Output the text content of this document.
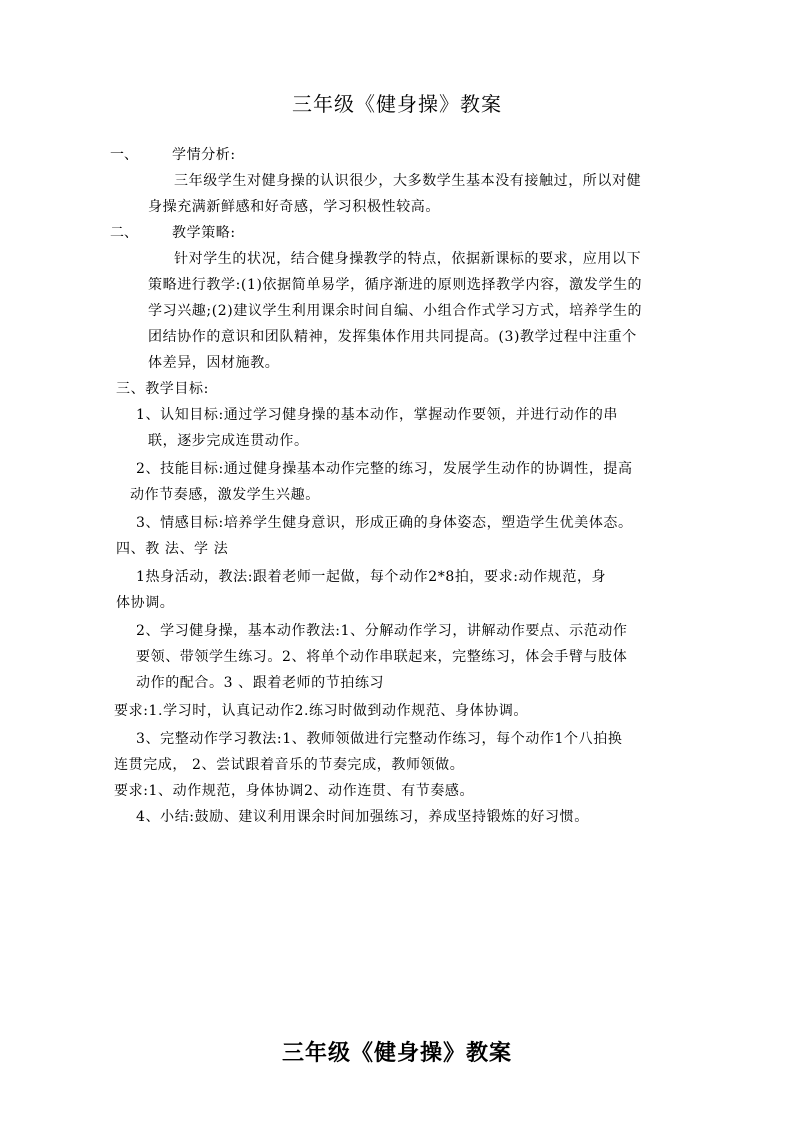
三年级《健身操》教案
一、 学情分析:
三年级学生对健身操的认识很少，大多数学生基本没有接触过，所以对健
身操充满新鲜感和好奇感，学习积极性较高。
二、 教学策略:
针对学生的状况，结合健身操教学的特点，依据新课标的要求，应用以下
策略进行教学:(1)依据简单易学，循序渐进的原则选择教学内容，激发学生的
学习兴趣;(2)建议学生利用课余时间自编、小组合作式学习方式，培养学生的
团结协作的意识和团队精神，发挥集体作用共同提高。(3)教学过程中注重个
体差异，因材施教。
三、教学目标:
1、认知目标:通过学习健身操的基本动作，掌握动作要领，并进行动作的串
联，逐步完成连贯动作。
2、技能目标:通过健身操基本动作完整的练习，发展学生动作的协调性，提高
动作节奏感，激发学生兴趣。
3、情感目标:培养学生健身意识，形成正确的身体姿态，塑造学生优美体态。
四、教 法、学 法
1热身活动，教法:跟着老师一起做，每个动作2*8拍，要求:动作规范，身
体协调。
2、学习健身操，基本动作教法:1、分解动作学习，讲解动作要点、示范动作
要领、带领学生练习。2、将单个动作串联起来，完整练习，体会手臂与肢体
动作的配合。3 、跟着老师的节拍练习
要求:1.学习时，认真记动作2.练习时做到动作规范、身体协调。
3、完整动作学习教法:1、教师领做进行完整动作练习，每个动作1个八拍换
连贯完成， 2、尝试跟着音乐的节奏完成，教师领做。
要求:1、动作规范，身体协调2、动作连贯、有节奏感。
4、小结:鼓励、建议利用课余时间加强练习，养成坚持锻炼的好习惯。
三年级《健身操》教案
